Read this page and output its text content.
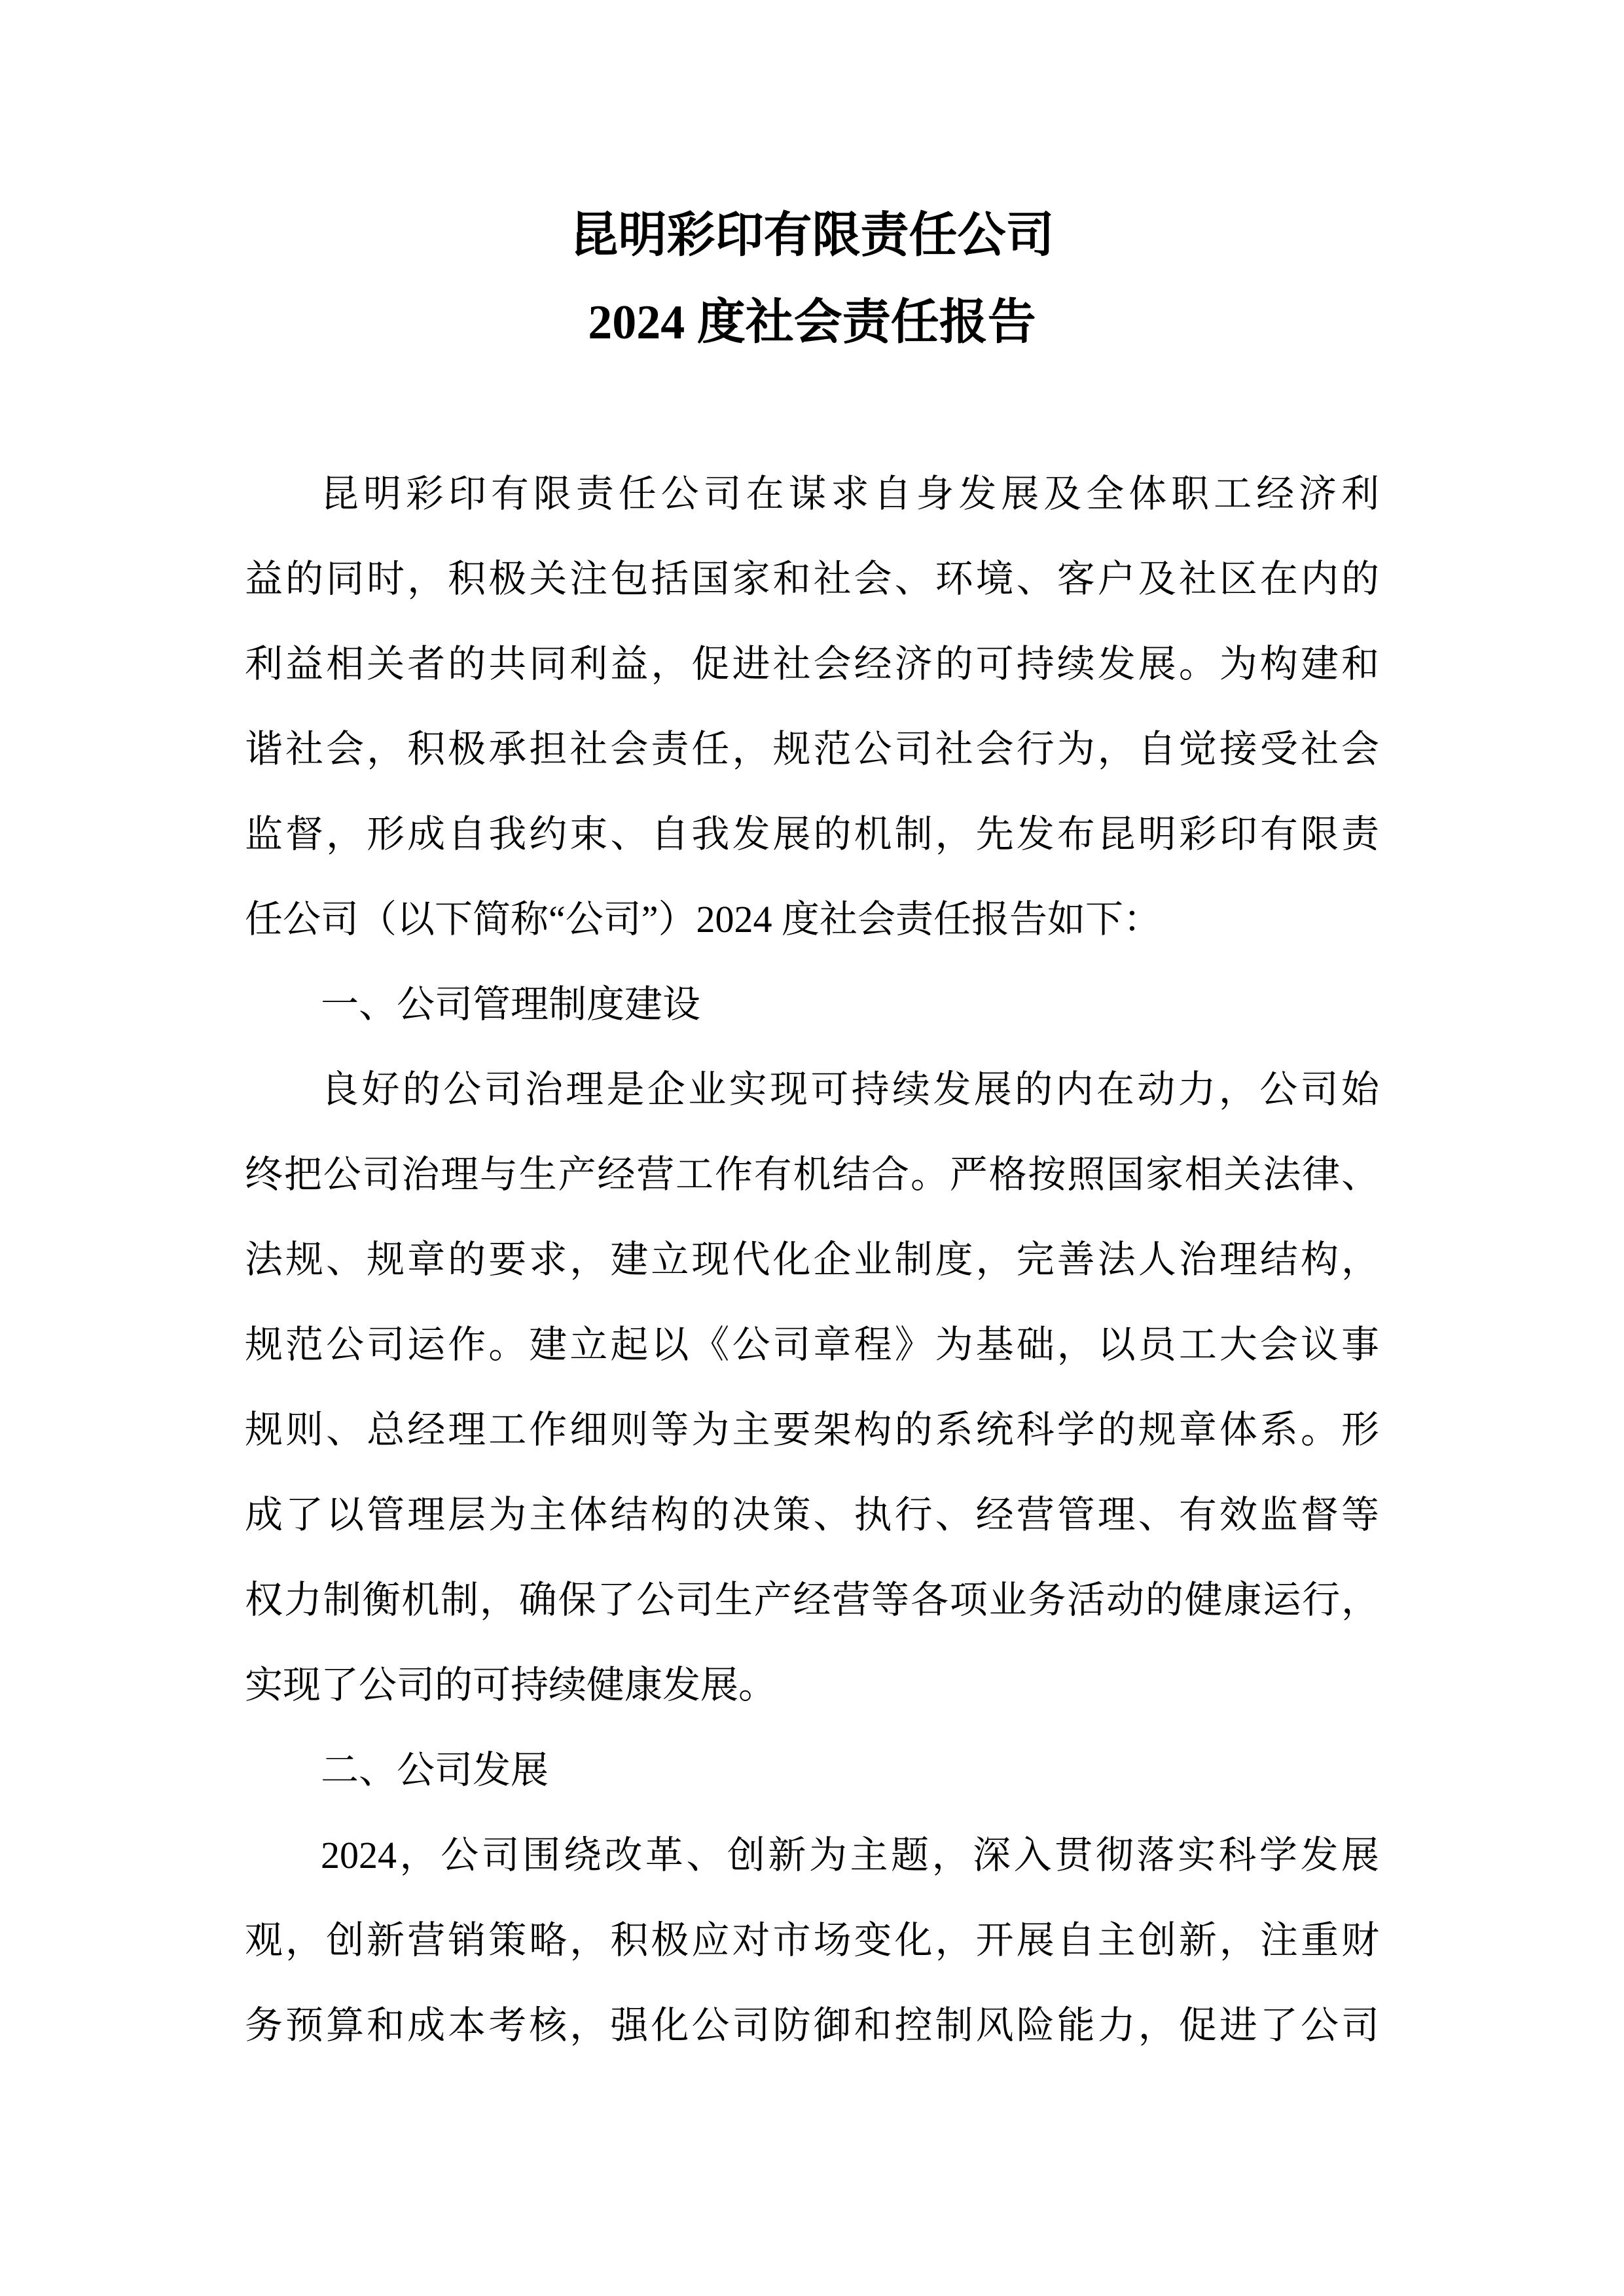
昆明彩印有限责任公司
2024 度社会责任报告
昆明彩印有限责任公司在谋求自身发展及全体职工经济利
益的同时，积极关注包括国家和社会、环境、客户及社区在内的
利益相关者的共同利益，促进社会经济的可持续发展。为构建和
谐社会，积极承担社会责任，规范公司社会行为，自觉接受社会
监督，形成自我约束、自我发展的机制，先发布昆明彩印有限责
任公司（以下简称“公司”）2024 度社会责任报告如下：
一、公司管理制度建设
良好的公司治理是企业实现可持续发展的内在动力，公司始
终把公司治理与生产经营工作有机结合。严格按照国家相关法律、
法规、规章的要求，建立现代化企业制度，完善法人治理结构，
规范公司运作。建立起以《公司章程》为基础，以员工大会议事
规则、总经理工作细则等为主要架构的系统科学的规章体系。形
成了以管理层为主体结构的决策、执行、经营管理、有效监督等
权力制衡机制，确保了公司生产经营等各项业务活动的健康运行，
实现了公司的可持续健康发展。
二、公司发展
2024，公司围绕改革、创新为主题，深入贯彻落实科学发展
观，创新营销策略，积极应对市场变化，开展自主创新，注重财
务预算和成本考核，强化公司防御和控制风险能力，促进了公司
